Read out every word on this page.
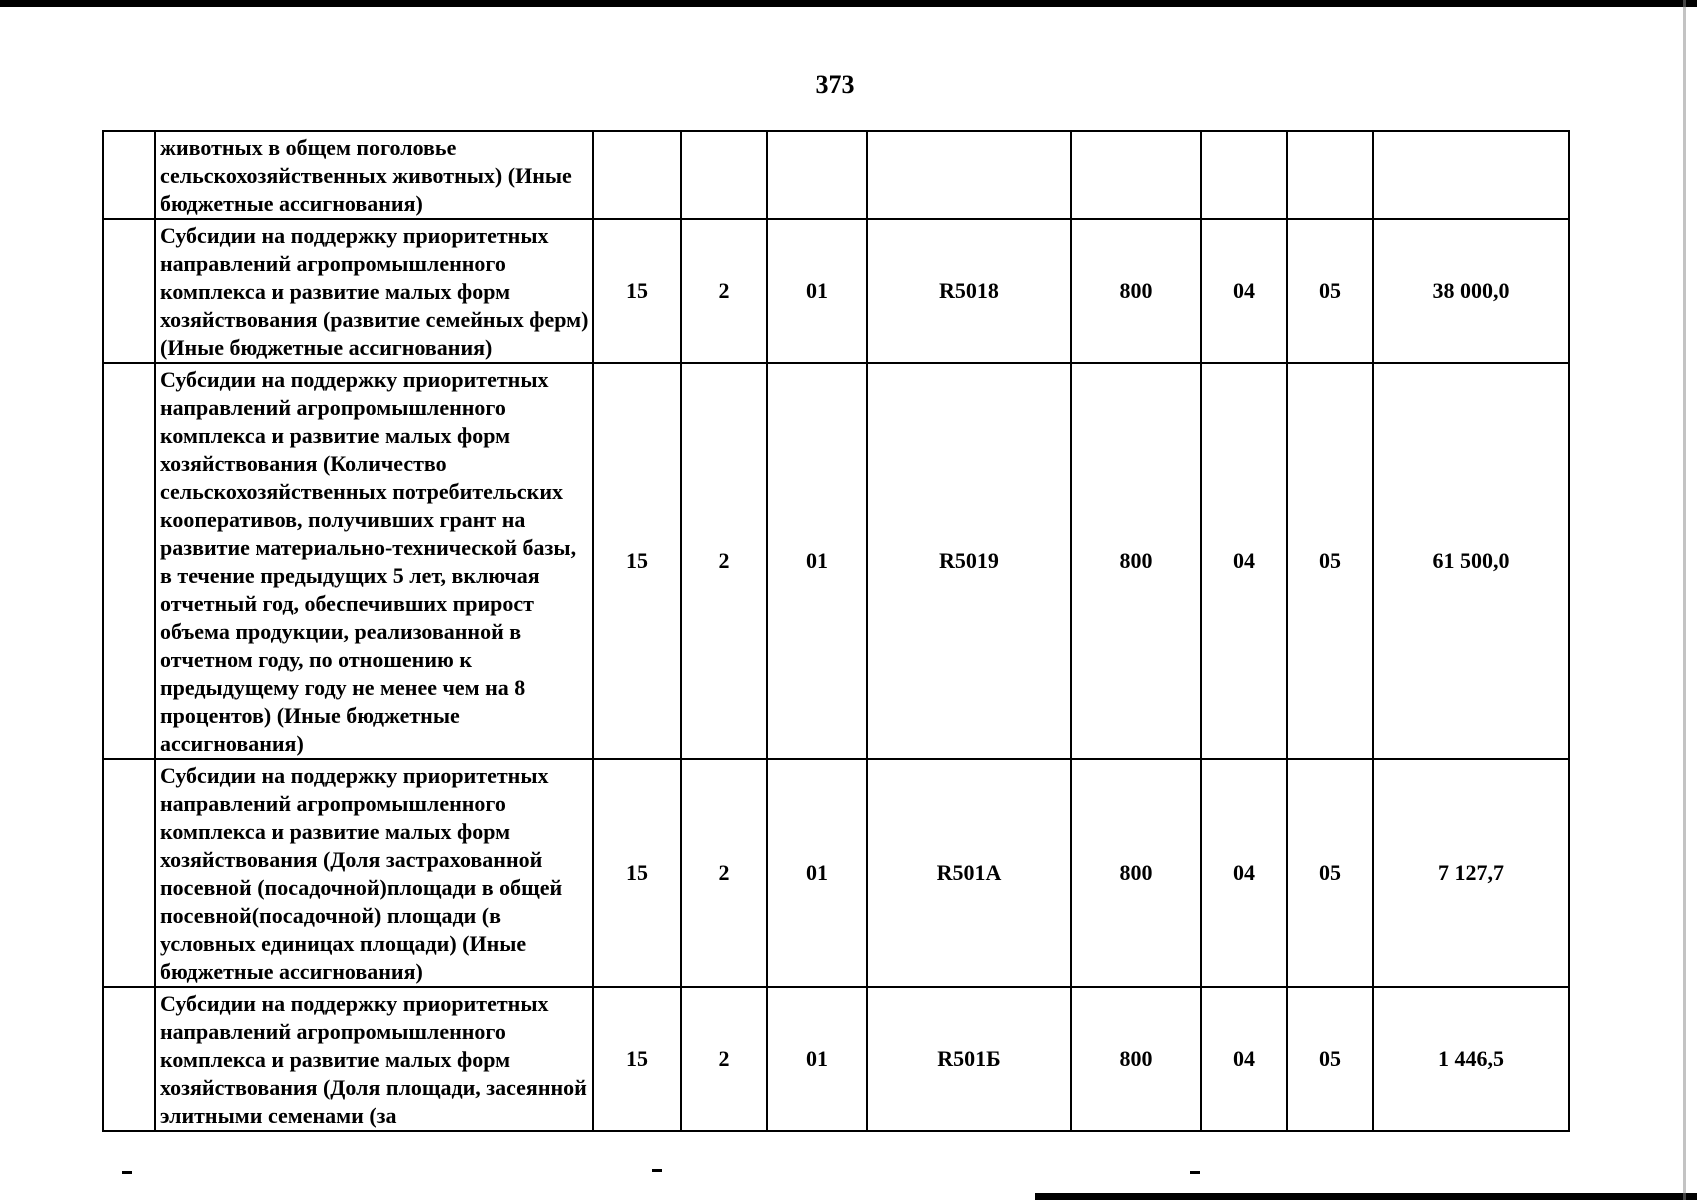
373
	животных в общем поголовье сельскохозяйственных животных) (Иные бюджетные ассигнования)								
	Субсидии на поддержку приоритетных направлений агропромышленного комплекса и развитие малых форм хозяйствования (развитие семейных ферм) (Иные бюджетные ассигнования)	15	2	01	R5018	800	04	05	38 000,0
	Субсидии на поддержку приоритетных направлений агропромышленного комплекса и развитие малых форм хозяйствования (Количество сельскохозяйственных потребительских кооперативов, получивших грант на развитие материально-технической базы, в течение предыдущих 5 лет, включая отчетный год, обеспечивших прирост объема продукции, реализованной в отчетном году, по отношению к предыдущему году не менее чем на 8 процентов) (Иные бюджетные ассигнования)	15	2	01	R5019	800	04	05	61 500,0
	Субсидии на поддержку приоритетных направлений агропромышленного комплекса и развитие малых форм хозяйствования (Доля застрахованной посевной (посадочной)площади в общей посевной(посадочной) площади (в условных единицах площади) (Иные бюджетные ассигнования)	15	2	01	R501А	800	04	05	7 127,7
	Субсидии на поддержку приоритетных направлений агропромышленного комплекса и развитие малых форм хозяйствования (Доля площади, засеянной элитными семенами (за	15	2	01	R501Б	800	04	05	1 446,5
